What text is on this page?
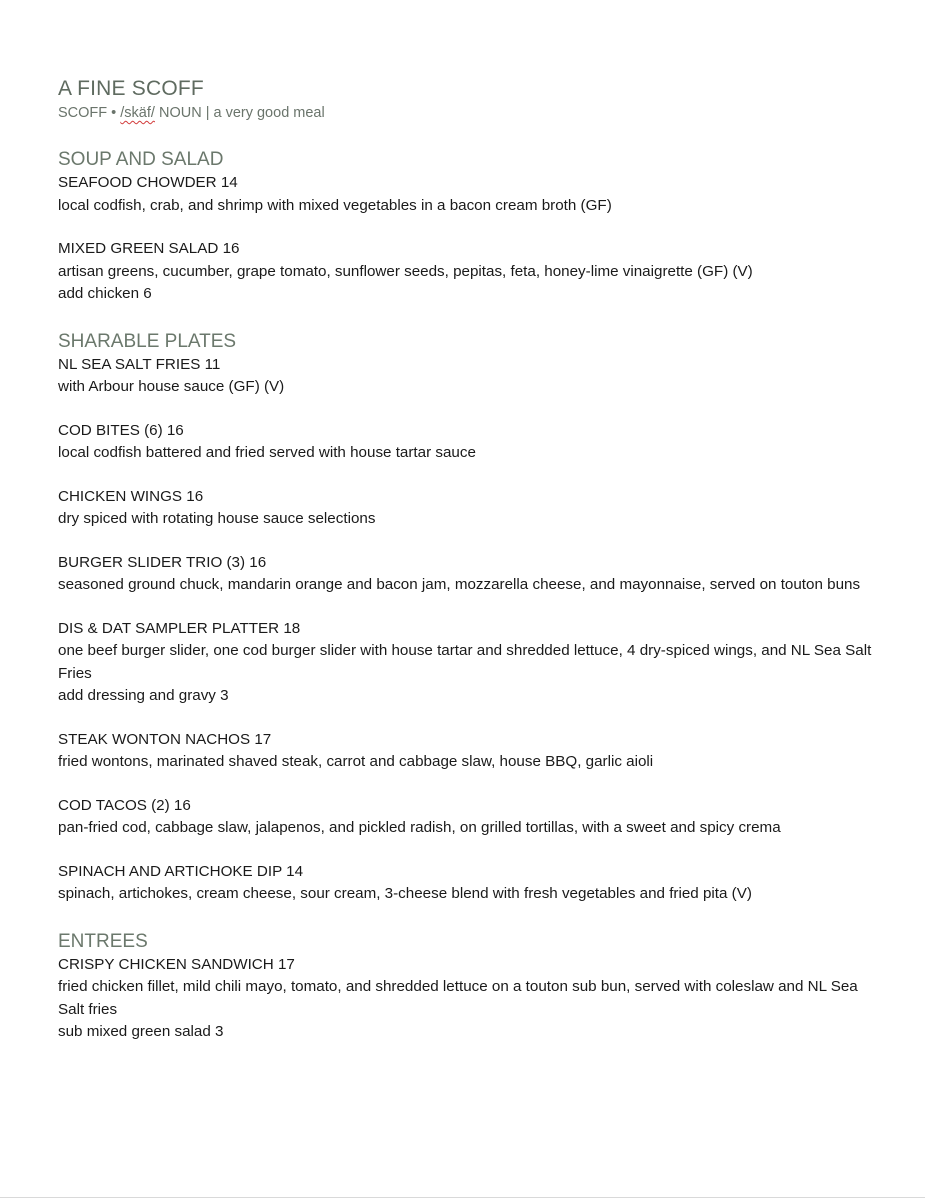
A FINE SCOFF

SCOFF • /skäf/ NOUN | a very good meal

SOUP AND SALAD

SEAFOOD CHOWDER 14

local codfish, crab, and shrimp with mixed vegetables in a bacon cream broth (GF)

MIXED GREEN SALAD 16

artisan greens, cucumber, grape tomato, sunflower seeds, pepitas, feta, honey-lime vinaigrette (GF) (V)

add chicken 6

SHARABLE PLATES

NL SEA SALT FRIES 11

with Arbour house sauce (GF) (V)

COD BITES (6) 16

local codfish battered and fried served with house tartar sauce

CHICKEN WINGS 16

dry spiced with rotating house sauce selections

BURGER SLIDER TRIO (3) 16

seasoned ground chuck, mandarin orange and bacon jam, mozzarella cheese, and mayonnaise, served on touton buns

DIS & DAT SAMPLER PLATTER 18

one beef burger slider, one cod burger slider with house tartar and shredded lettuce, 4 dry-spiced wings, and NL Sea Salt Fries

add dressing and gravy 3

STEAK WONTON NACHOS 17

fried wontons, marinated shaved steak, carrot and cabbage slaw, house BBQ, garlic aioli

COD TACOS (2) 16

pan-fried cod, cabbage slaw, jalapenos, and pickled radish, on grilled tortillas, with a sweet and spicy crema

SPINACH AND ARTICHOKE DIP 14

spinach, artichokes, cream cheese, sour cream, 3-cheese blend with fresh vegetables and fried pita (V)

ENTREES

CRISPY CHICKEN SANDWICH 17

fried chicken fillet, mild chili mayo, tomato, and shredded lettuce on a touton sub bun, served with coleslaw and NL Sea Salt fries

sub mixed green salad 3
